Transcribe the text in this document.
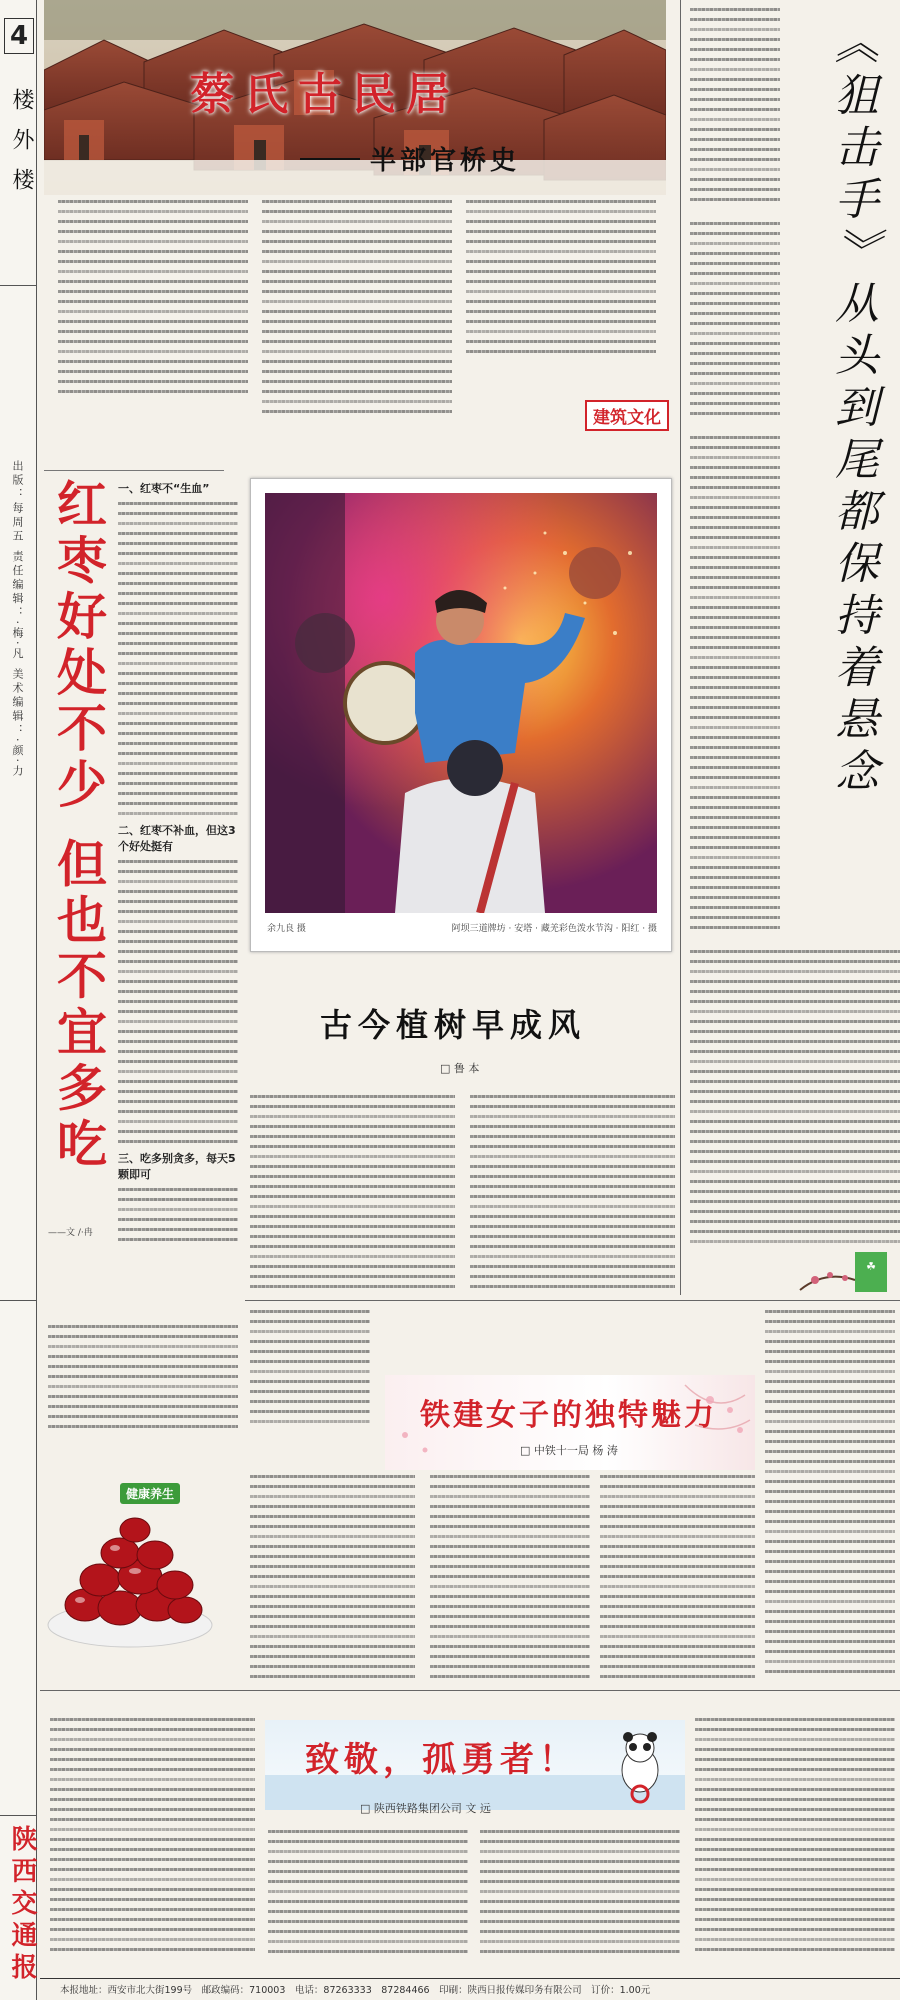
4
楼外楼
出版：每周五 责任编辑：·梅·凡 美术编辑：·颜·力
陕西交通报
蔡氏古民居
半部官桥史
建筑文化	《狙击手》从头到尾都保持着悬念
☘
红枣好处不少 但也不宜多吃 一、红枣不“生血”
二、红枣不补血，但这3个好处挺有
三、吃多别贪多，每天5颗即可
——文 /·冉
健康养生
余九良 摄	阿坝三道牌坊 · 安塔 · 藏羌彩色泼水节沟 · 阳红 · 摄
古今植树早成风
□ 鲁 本
铁建女子的独特魅力
□ 中铁十一局 杨 涛
致敬，孤勇者！
□ 陕西铁路集团公司 文 远
本报地址：西安市北大街199号　邮政编码：710003　电话：87263333　87284466　印刷：陕西日报传媒印务有限公司　订价：1.00元
